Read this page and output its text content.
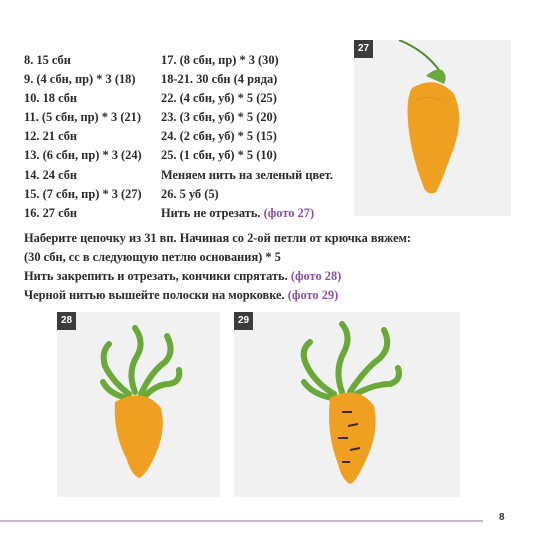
8. 15 сбн
9. (4 сбн, пр) * 3 (18)
10. 18 сбн
11. (5 сбн, пр) * 3 (21)
12. 21 сбн
13. (6 сбн, пр) * 3 (24)
14. 24 сбн
15. (7 сбн, пр) * 3 (27)
16. 27 сбн
17. (8 сбн, пр) * 3 (30)
18-21. 30 сбн (4 ряда)
22. (4 сбн, уб) * 5 (25)
23. (3 сбн, уб) * 5 (20)
24. (2 сбн, уб) * 5 (15)
25. (1 сбн, уб) * 5 (10)
Меняем нить на зеленый цвет.
26. 5 уб (5)
Нить не отрезать. (фото 27)
Наберите цепочку из 31 вп. Начиная со 2-ой петли от крючка вяжем:
(30 сбн, сс в следующую петлю основания) * 5
Нить закрепить и отрезать, кончики спрятать. (фото 28)
Черной нитью вышейте полоски на морковке. (фото 29)
27
28	29
8
